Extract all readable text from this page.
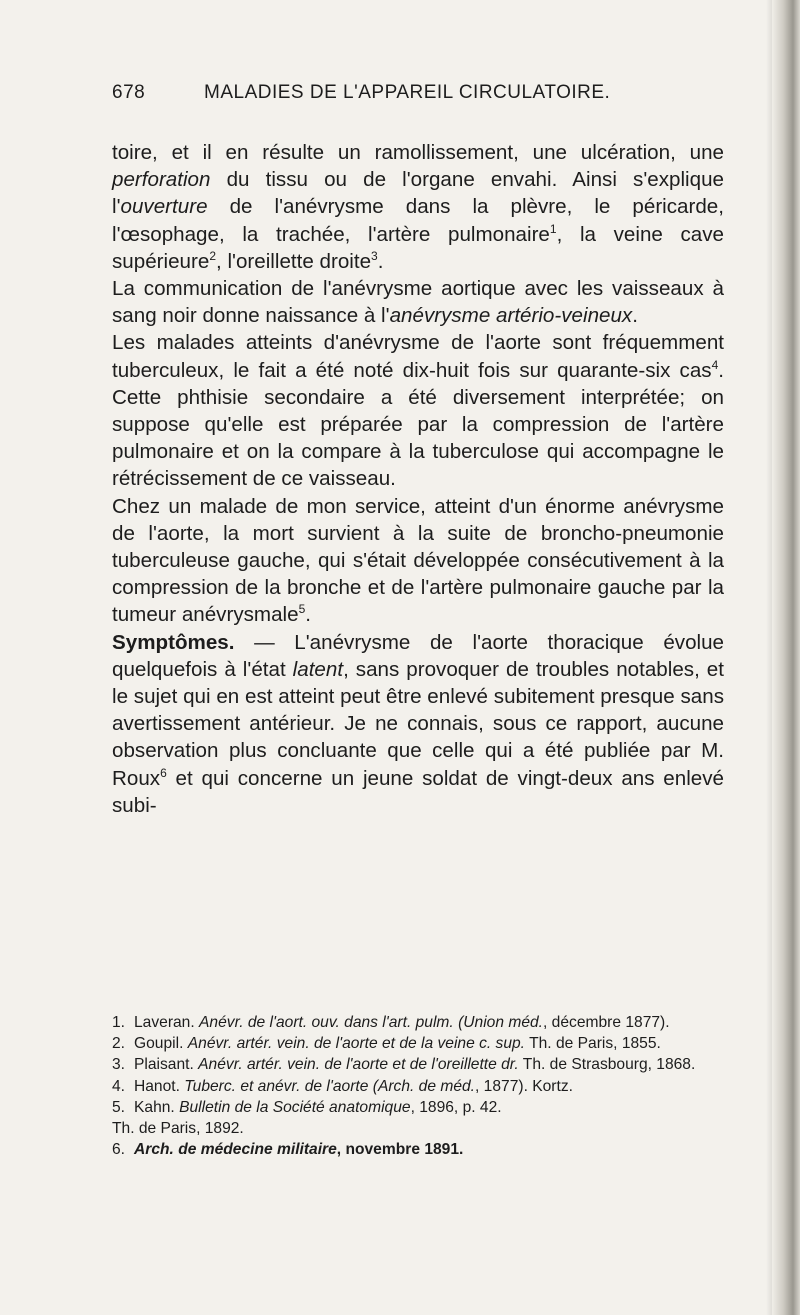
678	MALADIES DE L'APPAREIL CIRCULATOIRE.

toire, et il en résulte un ramollissement, une ulcération, une perforation du tissu ou de l'organe envahi. Ainsi s'explique l'ouverture de l'anévrysme dans la plèvre, le péricarde, l'œsophage, la trachée, l'artère pulmonaire$^1$, la veine cave supérieure$^2$, l'oreillette droite$^3$.

La communication de l'anévrysme aortique avec les vaisseaux à sang noir donne naissance à l'anévrysme artério-veineux.

Les malades atteints d'anévrysme de l'aorte sont fréquemment tuberculeux, le fait a été noté dix-huit fois sur quarante-six cas$^4$. Cette phthisie secondaire a été diversement interprétée; on suppose qu'elle est préparée par la compression de l'artère pulmonaire et on la compare à la tuberculose qui accompagne le rétrécissement de ce vaisseau.

Chez un malade de mon service, atteint d'un énorme anévrysme de l'aorte, la mort survient à la suite de broncho-pneumonie tuberculeuse gauche, qui s'était développée consécutivement à la compression de la bronche et de l'artère pulmonaire gauche par la tumeur anévrysmale$^5$.

Symptômes. — L'anévrysme de l'aorte thoracique évolue quelquefois à l'état latent, sans provoquer de troubles notables, et le sujet qui en est atteint peut être enlevé subitement presque sans avertissement antérieur. Je ne connais, sous ce rapport, aucune observation plus concluante que celle qui a été publiée par M. Roux$^6$ et qui concerne un jeune soldat de vingt-deux ans enlevé subi-

1. Laveran. Anévr. de l'aort. ouv. dans l'art. pulm. (Union méd., décembre 1877).

2. Goupil. Anévr. artér. vein. de l'aorte et de la veine c. sup. Th. de Paris, 1855.

3. Plaisant. Anévr. artér. vein. de l'aorte et de l'oreillette dr. Th. de Strasbourg, 1868.

4. Hanot. Tuberc. et anévr. de l'aorte (Arch. de méd., 1877). Kortz.

5. Kahn. Bulletin de la Société anatomique, 1896, p. 42.

Th. de Paris, 1892.

6. Arch. de médecine militaire, novembre 1891.
